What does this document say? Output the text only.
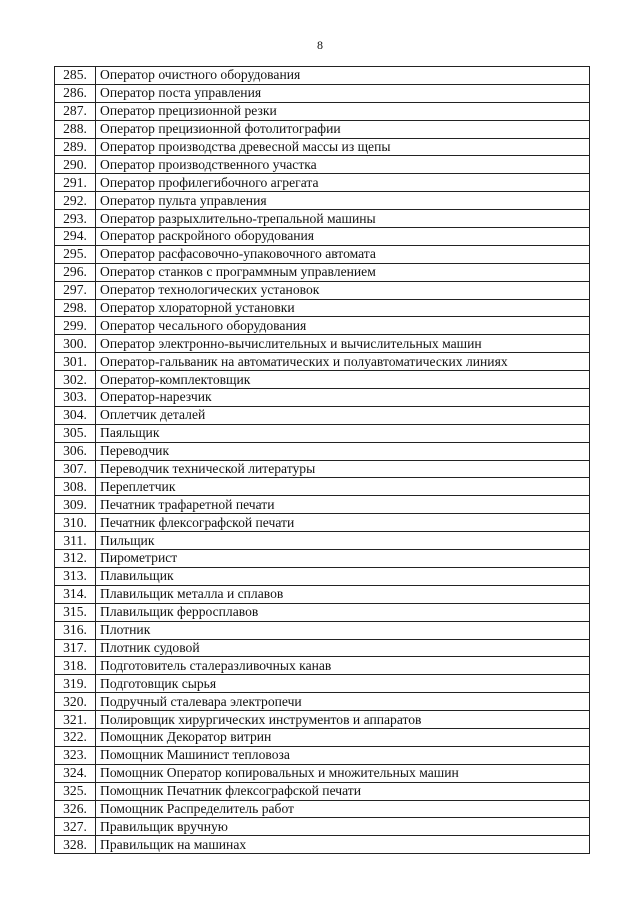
8
285.	Оператор очистного оборудования
286.	Оператор поста управления
287.	Оператор прецизионной резки
288.	Оператор прецизионной фотолитографии
289.	Оператор производства древесной массы из щепы
290.	Оператор производственного участка
291.	Оператор профилегибочного агрегата
292.	Оператор пульта управления
293.	Оператор разрыхлительно-трепальной машины
294.	Оператор раскройного оборудования
295.	Оператор расфасовочно-упаковочного автомата
296.	Оператор станков с программным управлением
297.	Оператор технологических установок
298.	Оператор хлораторной установки
299.	Оператор чесального оборудования
300.	Оператор электронно-вычислительных и вычислительных машин
301.	Оператор-гальваник на автоматических и полуавтоматических линиях
302.	Оператор-комплектовщик
303.	Оператор-нарезчик
304.	Оплетчик деталей
305.	Паяльщик
306.	Переводчик
307.	Переводчик технической литературы
308.	Переплетчик
309.	Печатник трафаретной печати
310.	Печатник флексографской печати
311.	Пильщик
312.	Пирометрист
313.	Плавильщик
314.	Плавильщик металла и сплавов
315.	Плавильщик ферросплавов
316.	Плотник
317.	Плотник судовой
318.	Подготовитель сталеразливочных канав
319.	Подготовщик сырья
320.	Подручный сталевара электропечи
321.	Полировщик хирургических инструментов и аппаратов
322.	Помощник Декоратор витрин
323.	Помощник Машинист тепловоза
324.	Помощник Оператор копировальных и множительных машин
325.	Помощник Печатник флексографской печати
326.	Помощник Распределитель работ
327.	Правильщик вручную
328.	Правильщик на машинах
